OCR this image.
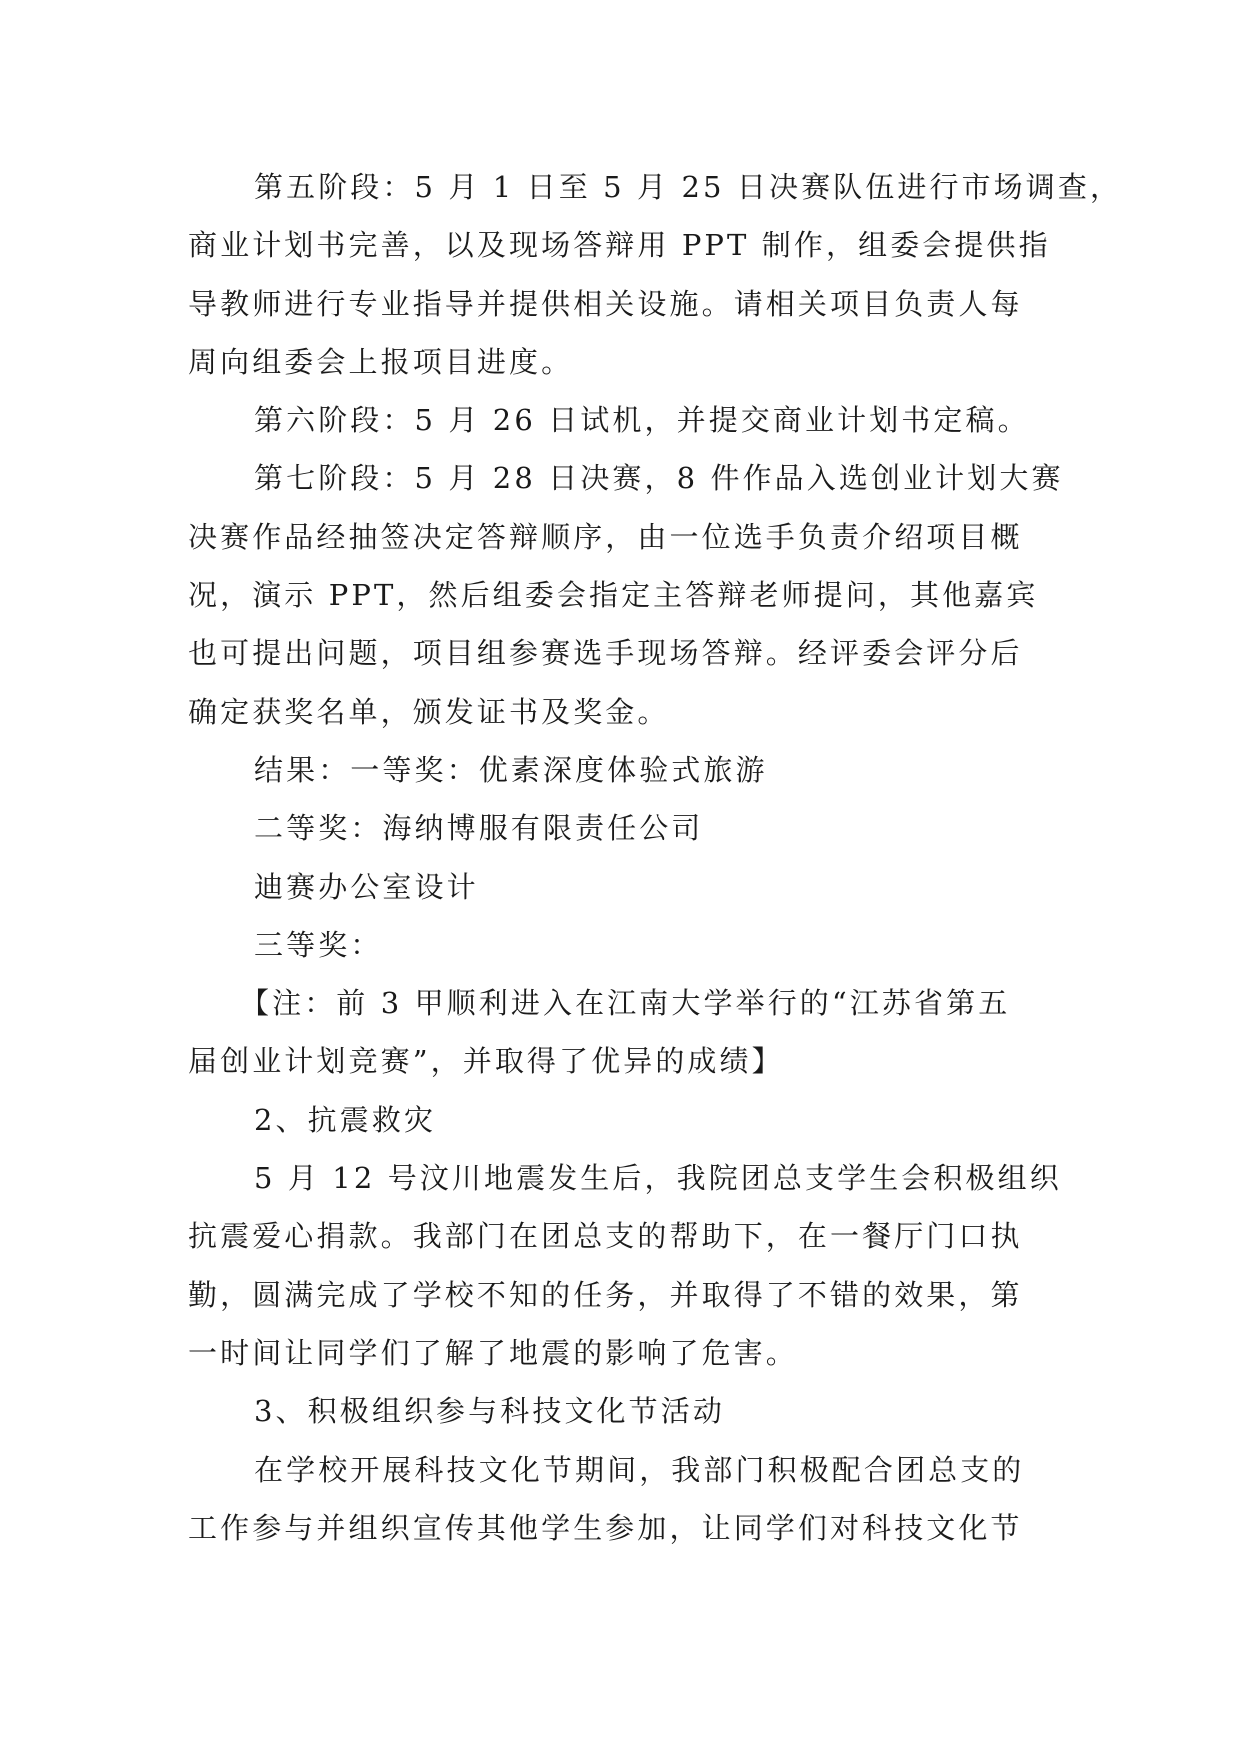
第五阶段：5 月 1 日至 5 月 25 日决赛队伍进行市场调查，
商业计划书完善，以及现场答辩用 PPT 制作，组委会提供指
导教师进行专业指导并提供相关设施。请相关项目负责人每
周向组委会上报项目进度。
第六阶段：5 月 26 日试机，并提交商业计划书定稿。
第七阶段：5 月 28 日决赛，8 件作品入选创业计划大赛
决赛作品经抽签决定答辩顺序，由一位选手负责介绍项目概
况，演示 PPT，然后组委会指定主答辩老师提问，其他嘉宾
也可提出问题，项目组参赛选手现场答辩。经评委会评分后
确定获奖名单，颁发证书及奖金。
结果：一等奖：优素深度体验式旅游
二等奖：海纳博服有限责任公司
迪赛办公室设计
三等奖：
【注：前 3 甲顺利进入在江南大学举行的“江苏省第五
届创业计划竞赛”，并取得了优异的成绩】
2、抗震救灾
5 月 12 号汶川地震发生后，我院团总支学生会积极组织
抗震爱心捐款。我部门在团总支的帮助下，在一餐厅门口执
勤，圆满完成了学校不知的任务，并取得了不错的效果，第
一时间让同学们了解了地震的影响了危害。
3、积极组织参与科技文化节活动
在学校开展科技文化节期间，我部门积极配合团总支的
工作参与并组织宣传其他学生参加，让同学们对科技文化节
